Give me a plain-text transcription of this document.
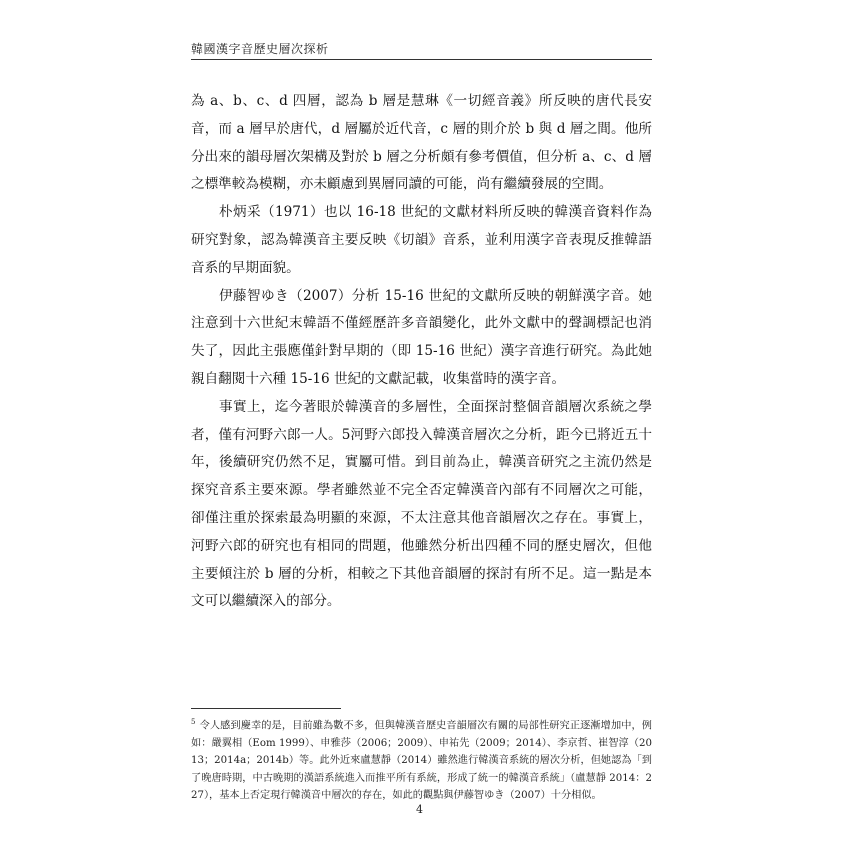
韓國漢字音歷史層次探析

為 a、b、c、d 四層，認為 b 層是慧琳《一切經音義》所反映的唐代長安音，而 a 層早於唐代，d 層屬於近代音，c 層的則介於 b 與 d 層之間。他所分出來的韻母層次架構及對於 b 層之分析頗有參考價值，但分析 a、c、d 層之標準較為模糊，亦未顧慮到異層同讀的可能，尚有繼續發展的空間。

朴炳采（1971）也以 16-18 世紀的文獻材料所反映的韓漢音資料作為研究對象，認為韓漢音主要反映《切韻》音系，並利用漢字音表現反推韓語音系的早期面貌。

伊藤智ゆき（2007）分析 15-16 世紀的文獻所反映的朝鮮漢字音。她注意到十六世紀末韓語不僅經歷許多音韻變化，此外文獻中的聲調標記也消失了，因此主張應僅針對早期的（即 15-16 世紀）漢字音進行研究。為此她親自翻閱十六種 15-16 世紀的文獻記載，收集當時的漢字音。

事實上，迄今著眼於韓漢音的多層性，全面探討整個音韻層次系統之學者，僅有河野六郎一人。5河野六郎投入韓漢音層次之分析，距今已將近五十年，後續研究仍然不足，實屬可惜。到目前為止，韓漢音研究之主流仍然是探究音系主要來源。學者雖然並不完全否定韓漢音內部有不同層次之可能，卻僅注重於探索最為明顯的來源，不太注意其他音韻層次之存在。事實上，河野六郎的研究也有相同的問題，他雖然分析出四種不同的歷史層次，但他主要傾注於 b 層的分析，相較之下其他音韻層的探討有所不足。這一點是本文可以繼續深入的部分。

$^5$ 令人感到慶幸的是，目前雖為數不多，但與韓漢音歷史音韻層次有關的局部性研究正逐漸增加中，例如：嚴翼相（Eom 1999）、申雅莎（2006；2009）、申祐先（2009；2014）、李京哲、崔智淳（2013；2014a；2014b）等。此外近來盧慧靜（2014）雖然進行韓漢音系統的層次分析，但她認為「到了晚唐時期，中古晚期的漢語系統進入而推平所有系統，形成了統一的韓漢音系統」（盧慧靜 2014：227），基本上否定現行韓漢音中層次的存在，如此的觀點與伊藤智ゆき（2007）十分相似。
4
